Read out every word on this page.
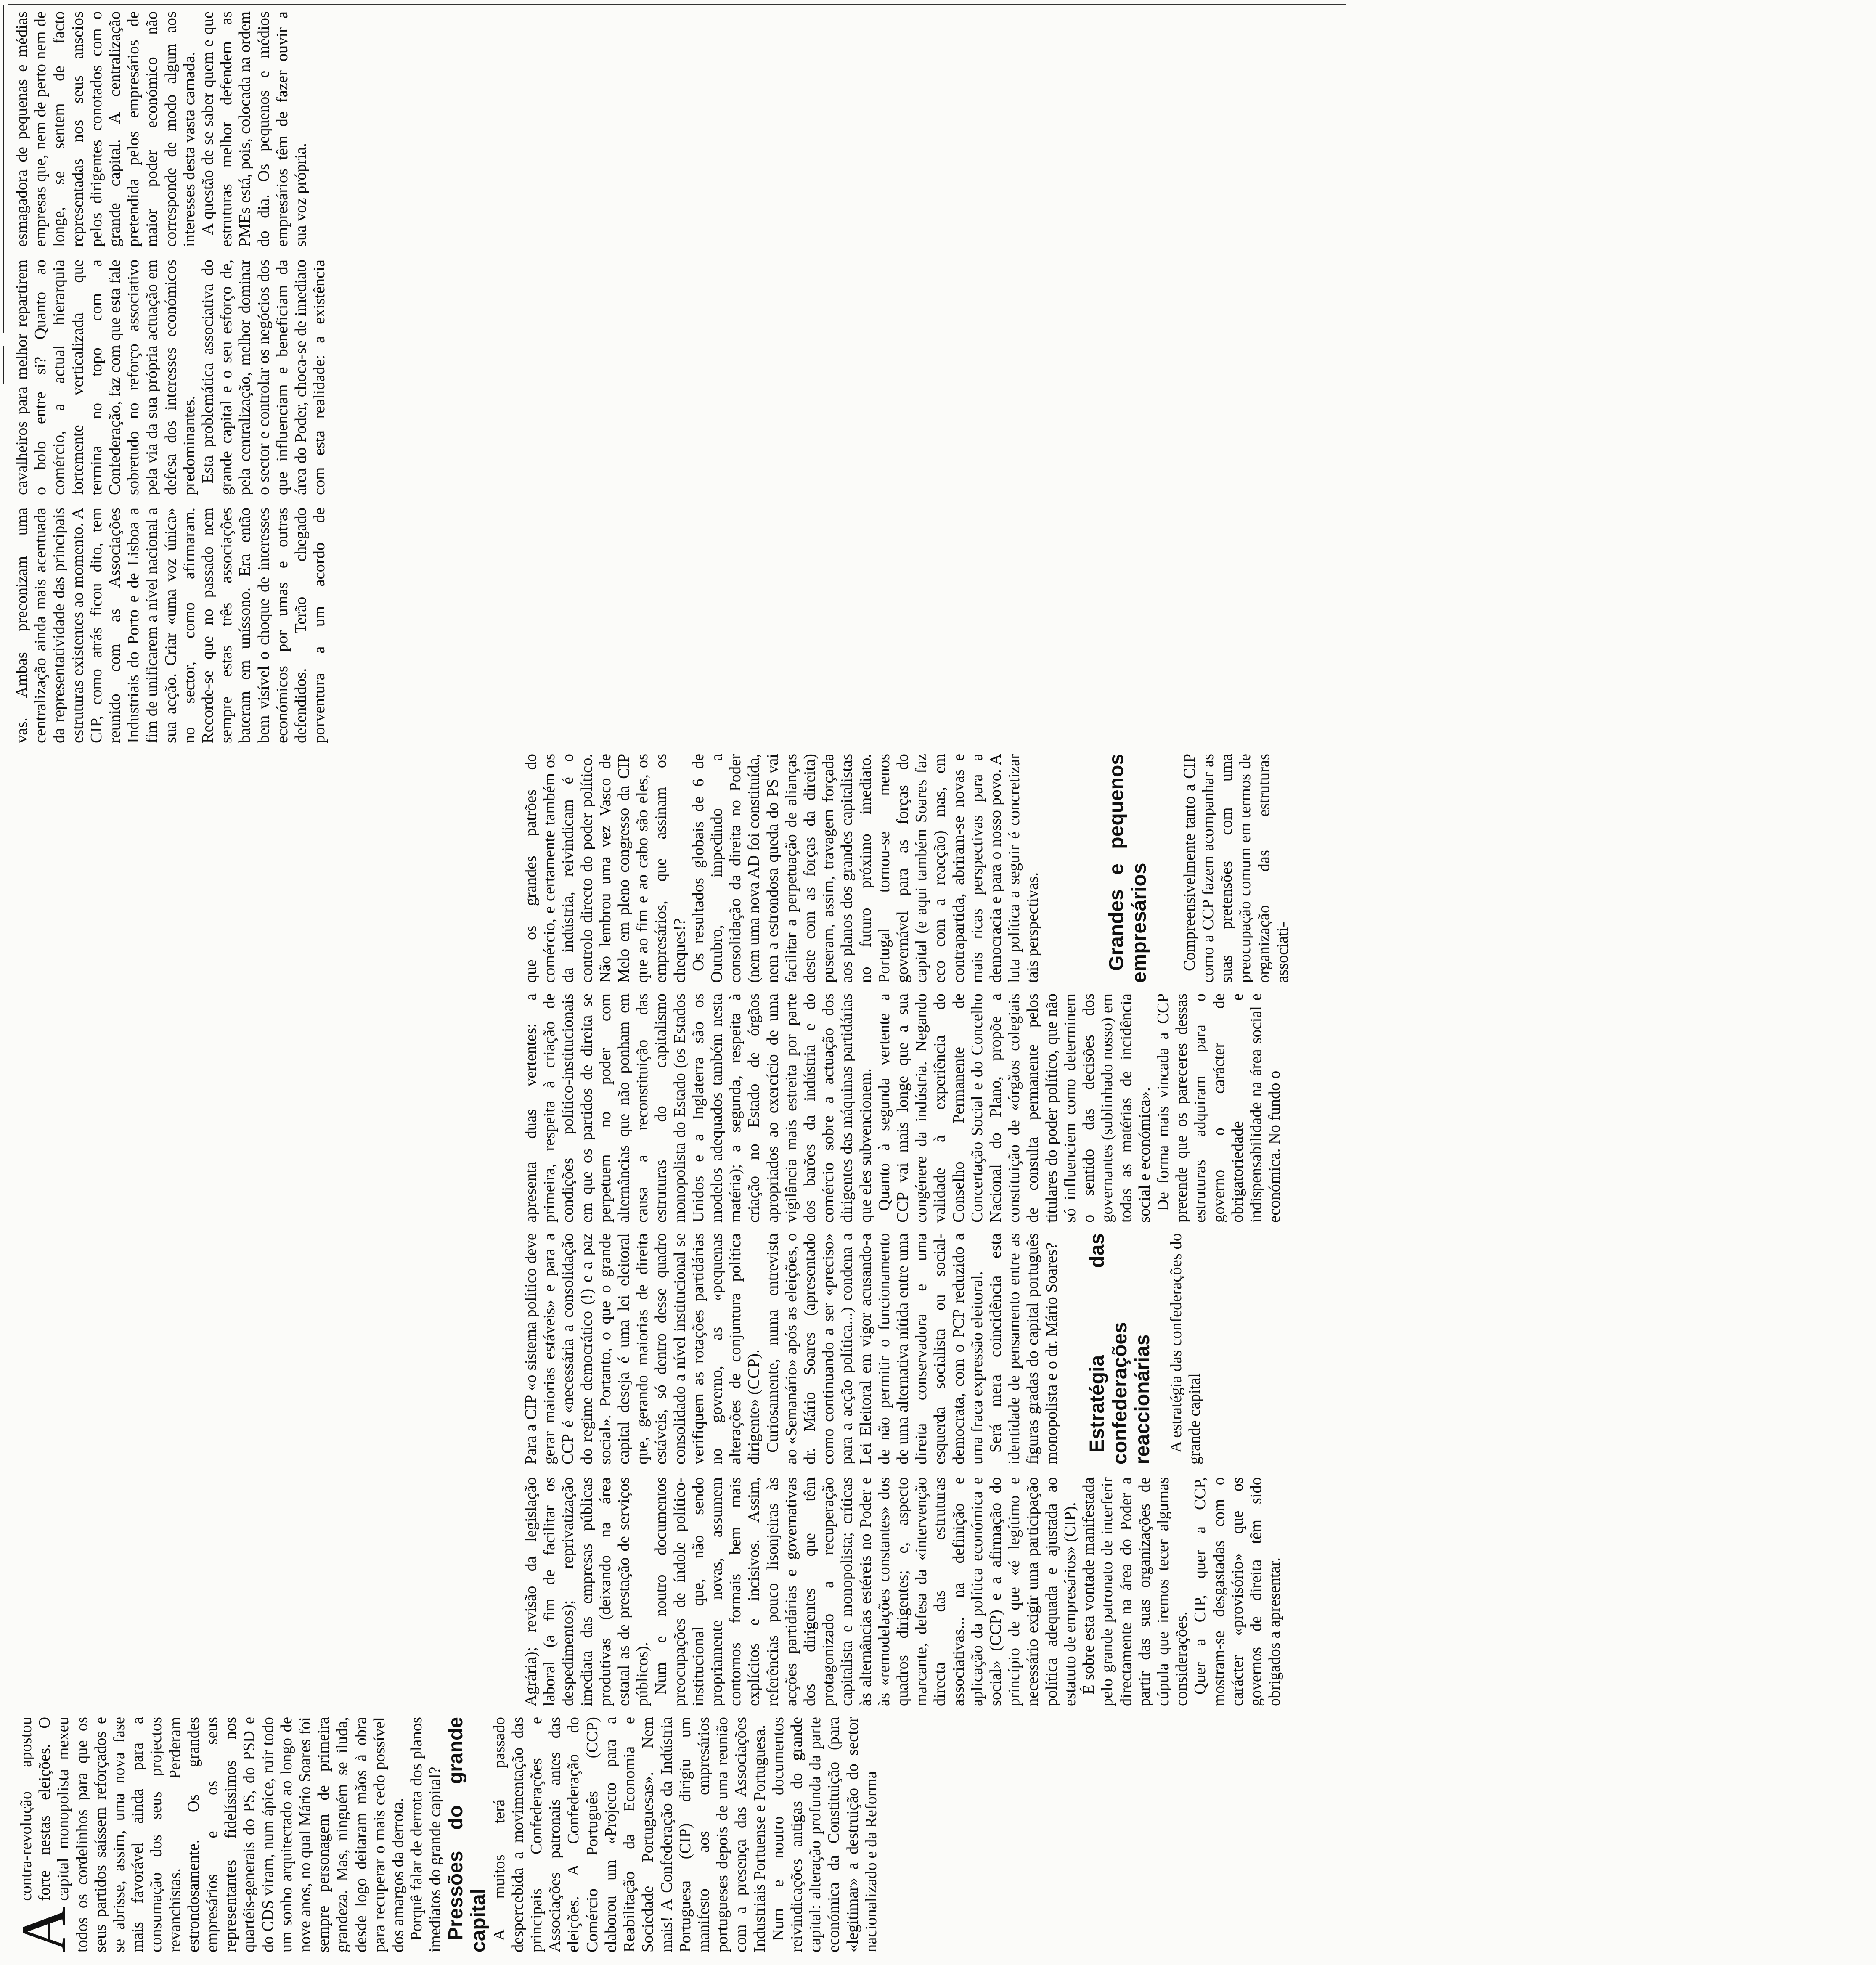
A

contra-revolução apostou forte nestas eleições. O capital monopolista mexeu todos os cordelinhos para que os seus partidos saíssem reforçados e se abrisse, assim, uma nova fase mais favorável ainda para a consumação dos seus projectos revanchistas. Perderam estrondosamente. Os grandes empresários e os seus representantes fidelíssimos nos quartéis-generais do PS, do PSD e do CDS viram, num ápice, ruir todo um sonho arquitectado ao longo de nove anos, no qual Mário Soares foi sempre personagem de primeira grandeza. Mas, ninguém se iluda, desde logo deitaram mãos à obra para recuperar o mais cedo possível dos amargos da derrota. Porquê falar de derrota dos planos imediatos do grande capital? Pressões do grande capital A muitos terá passado despercebida a movimentação das principais Confederações e Associações patronais antes das eleições. A Confederação do Comércio Português (CCP) elaborou um «Projecto para a Reabilitação da Economia e Sociedade Portuguesas». Nem mais! A Confederação da Indústria Portuguesa (CIP) dirigiu um manifesto aos empresários portugueses depois de uma reunião com a presença das Associações Industriais Portuense e Portuguesa. Num e noutro documentos reivindicações antigas do grande capital: alteração profunda da parte económica da Constituição (para «legitimar» a destruição do sector nacionalizado e da Reforma

Agrária); revisão da legislação laboral (a fim de facilitar os despedimentos); reprivatização imediata das empresas públicas produtivas (deixando na área estatal as de prestação de serviços públicos). Num e noutro documentos preocupações de índole político-institucional que, não sendo propriamente novas, assumem contornos formais bem mais explícitos e incisivos. Assim, referências pouco lisonjeiras às acções partidárias e governativas dos dirigentes que têm protagonizado a recuperação capitalista e monopolista; críticas às alternâncias estéreis no Poder e às «remodelações constantes» dos quadros dirigentes; e, aspecto marcante, defesa da «intervenção directa das estruturas associativas... na definição e aplicação da política económica e social» (CCP) e a afirmação do princípio de que «é legítimo e necessário exigir uma participação política adequada e ajustada ao estatuto de empresários» (CIP). É sobre esta vontade manifestada pelo grande patronato de interferir directamente na área do Poder a partir das suas organizações de cúpula que iremos tecer algumas considerações. Quer a CIP, quer a CCP, mostram-se desgastadas com o carácter «provisório» que os governos de direita têm sido obrigados a apresentar.

Para a CIP «o sistema político deve gerar maiorias estáveis» e para a CCP é «necessária a consolidação do regime democrático (!) e a paz social». Portanto, o que o grande capital deseja é uma lei eleitoral que, gerando maiorias de direita estáveis, só dentro desse quadro consolidado a nível institucional se verifiquem as rotações partidárias no governo, as «pequenas alterações de conjuntura política dirigente» (CCP). Curiosamente, numa entrevista ao «Semanário» após as eleições, o dr. Mário Soares (apresentado como continuando a ser «preciso» para a acção política...) condena a Lei Eleitoral em vigor acusando-a de não permitir o funcionamento de uma alternativa nítida entre uma direita conservadora e uma esquerda socialista ou social-democrata, com o PCP reduzido a uma fraca expressão eleitoral. Será mera coincidência esta identidade de pensamento entre as figuras gradas do capital português monopolista e o dr. Mário Soares? Estratégia das confederações reaccionárias A estratégia das confederações do grande capital

apresenta duas vertentes: a primeira, respeita à criação de condições político-institucionais em que os partidos de direita se perpetuem no poder com alternâncias que não ponham em causa a reconstituição das estruturas do capitalismo monopolista do Estado (os Estados Unidos e a Inglaterra são os modelos adequados também nesta matéria); a segunda, respeita à criação no Estado de órgãos apropriados ao exercício de uma vigilância mais estreita por parte dos barões da indústria e do comércio sobre a actuação dos dirigentes das máquinas partidárias que eles subvencionem. Quanto à segunda vertente a CCP vai mais longe que a sua congénere da indústria. Negando validade à experiência do Conselho Permanente de Concertação Social e do Concelho Nacional do Plano, propõe a constituição de «órgãos colegiais de consulta permanente pelos titulares do poder político, que não só influenciem como determinem o sentido das decisões dos governantes (sublinhado nosso) em todas as matérias de incidência social e económica». De forma mais vincada a CCP pretende que os pareceres dessas estruturas adquiram para o governo o carácter de obrigatoriedade e indispensabilidade na área social e económica. No fundo o

que os grandes patrões do comércio, e certamente também os da indústria, reivindicam é o controlo directo do poder político. Não lembrou uma vez Vasco de Melo em pleno congresso da CIP que ao fim e ao cabo são eles, os empresários, que assinam os cheques!? Os resultados globais de 6 de Outubro, impedindo a consolidação da direita no Poder (nem uma nova AD foi constituída, nem a estrondosa queda do PS vai facilitar a perpetuação de alianças deste com as forças da direita) puseram, assim, travagem forçada aos planos dos grandes capitalistas no futuro próximo imediato. Portugal tornou-se menos governável para as forças do capital (e aqui também Soares faz eco com a reacção) mas, em contrapartida, abriram-se novas e mais ricas perspectivas para a democracia e para o nosso povo. A luta política a seguir é concretizar tais perspectivas.	Grandes e pequenos empresários Compreensivelmente tanto a CIP como a CCP fazem acompanhar as suas pretensões com uma preocupação comum em termos de organização das estruturas associati-

vas. Ambas preconizam uma centralização ainda mais acentuada da representatividade das principais estruturas existentes ao momento. A CIP, como atrás ficou dito, tem reunido com as Associações Industriais do Porto e de Lisboa a fim de unificarem a nível nacional a sua acção. Criar «uma voz única» no sector, como afirmaram. Recorde-se que no passado nem sempre estas três associações bateram em uníssono. Era então bem visível o choque de interesses económicos por umas e outras defendidos. Terão chegado porventura a um acordo de cavalheiros para melhor repartirem o bolo entre si? Quanto ao comércio, a actual hierarquia fortemente verticalizada que termina no topo com a Confederação, faz com que esta fale sobretudo no reforço associativo pela via da sua própria actuação em defesa dos interesses económicos predominantes. Esta problemática associativa do grande capital e o seu esforço de, pela centralização, melhor dominar o sector e controlar os negócios dos que influenciam e beneficiam da área do Poder, choca-se de imediato com esta realidade: a existência esmagadora de pequenas e médias empresas que, nem de perto nem de longe, se sentem de facto representadas nos seus anseios pelos dirigentes conotados com o grande capital. A centralização pretendida pelos empresários de maior poder económico não corresponde de modo algum aos interesses desta vasta camada. A questão de se saber quem e que estruturas melhor defendem as PMEs está, pois, colocada na ordem do dia. Os pequenos e médios empresários têm de fazer ouvir a sua voz própria.
